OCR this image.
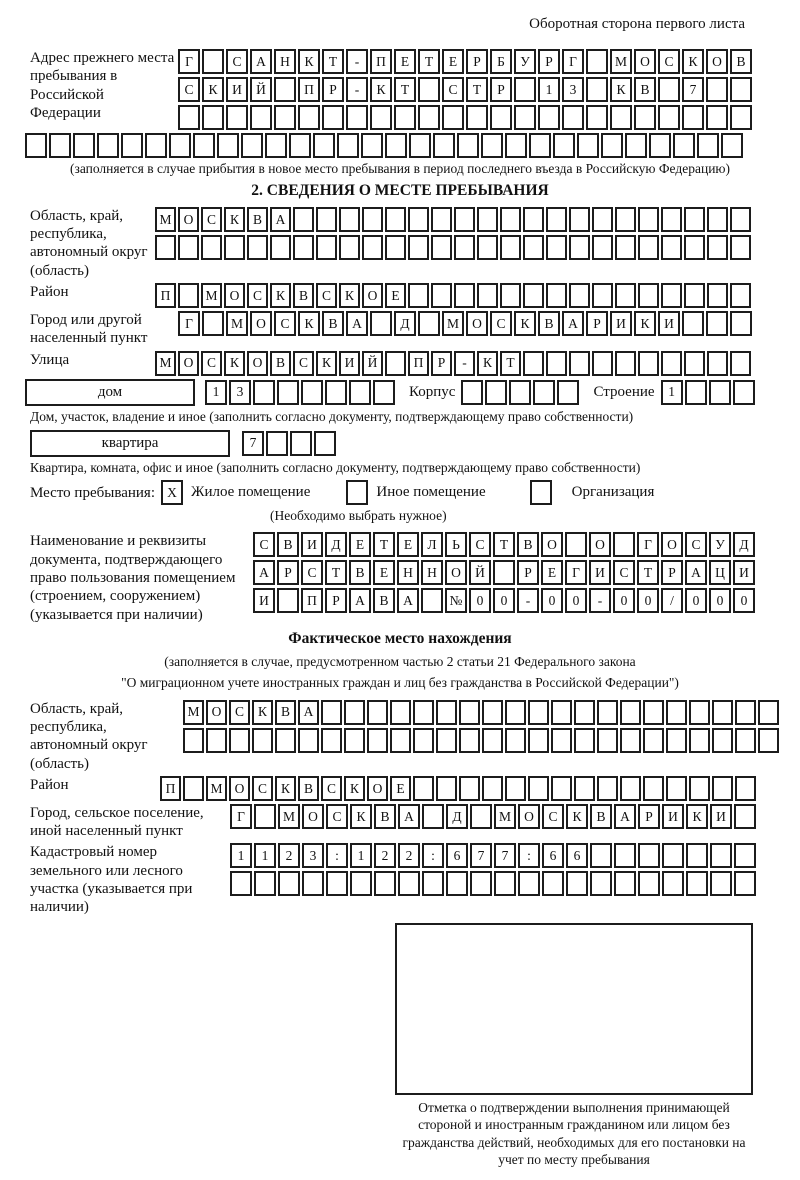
Оборотная сторона первого листа
Адрес прежнего места пребывания в Российской Федерации
Г	С	А	Н	К	Т	-	П	Е	Т	Е	Р	Б	У	Р	Г	М О	С	К	О	В
С	К	И	Й	П	Р	-	К	Т	С	Т	Р	1	3	К	В	7
(заполняется в случае прибытия в новое место пребывания в период последнего въезда в Российскую Федерацию)
2. СВЕДЕНИЯ О МЕСТЕ ПРЕБЫВАНИЯ
Область, край, республика, автономный округ (область)
М О	С	К	В	А
Район	П	М О	С	К	В	С	К	О	Е
Город или другой населенный пункт
Г	М О	С	К	В	А	Д	М О	С	К	В	А	Р	И	К	И
Улица	М О	С	К	О	В	С	К	И Й	П	Р	-	К	Т
дом	1	3	Корпус	Строение	1
Дом, участок, владение и иное (заполнить согласно документу, подтверждающему право собственности)
квартира	7
Квартира, комната, офис и иное (заполнить согласно документу, подтверждающему право собственности)
Место пребывания: X Жилое помещение	Иное помещение	Организация
(Необходимо выбрать нужное)
Наименование и реквизиты документа, подтверждающего право пользования помещением (строением, сооружением) (указывается при наличии)
С	В	И	Д	Е	Т	Е	Л	Ь	С	Т	В	О	О	Г	О	С	У	Д
А	Р	С	Т	В	Е	Н	Н	О	Й	Р	Е	Г	И	С	Т	Р	А	Ц	И
И	П	Р	А	В	А	№	0	0	-	0	0	-	0	0	/	0	0	0
Фактическое место нахождения
(заполняется в случае, предусмотренном частью 2 статьи 21 Федерального закона
"О миграционном учете иностранных граждан и лиц без гражданства в Российской Федерации")
Область, край, республика, автономный округ (область)
М О	С	К	В	А
Район	П	М О	С	К	В	С	К	О	Е
Город, сельское поселение, иной населенный пункт
Г	М О	С	К	В	А	Д	М О	С	К	В	А	Р	И	К	И
Кадастровый номер земельного или лесного участка (указывается при наличии)
1	1	2	3	:	1	2	2	:	6	7	7	:	6	6
Отметка о подтверждении выполнения принимающей стороной и иностранным гражданином или лицом без гражданства действий, необходимых для его постановки на учет по месту пребывания
